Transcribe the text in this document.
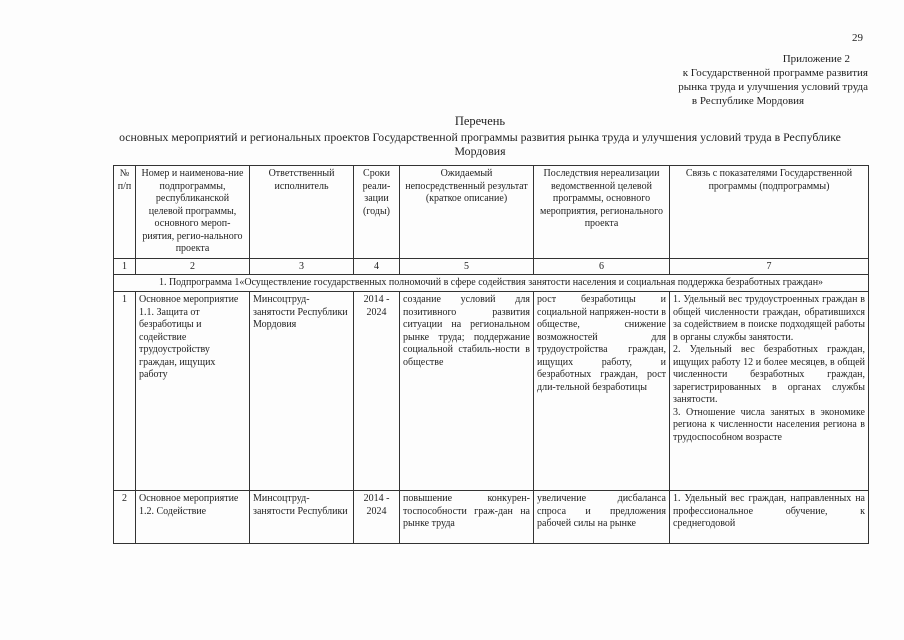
29
Приложение 2
к Государственной программе развития
рынка труда и улучшения условий труда
в Республике Мордовия
Перечень
основных мероприятий и региональных проектов Государственной программы развития рынка труда и улучшения условий труда в Республике Мордовия
№ п/п	Номер и наименова-ние подпрограммы, республиканской целевой программы, основного мероп-риятия, регио-нального проекта	Ответственный исполнитель	Сроки реали-зации (годы)	Ожидаемый непосредственный результат (краткое описание)	Последствия нереализации ведомственной целевой программы, основного мероприятия, регионального проекта	Связь с показателями Государственной программы (подпрограммы)
1	2	3	4	5	6	7
1. Подпрограмма 1«Осуществление государственных полномочий в сфере содействия занятости населения и социальная поддержка безработных граждан»						
1	Основное мероприятие 1.1. Защита от безработицы и содействие трудоустройству граждан, ищущих работу	Минсоцтруд-занятости Республики Мордовия	2014 - 2024	создание условий для позитивного развития ситуации на региональном рынке труда; поддержание социальной стабиль-ности в обществе	рост безработицы и социальной напряжен-ности в обществе, снижение возможностей для трудоустройства граждан, ищущих работу, и безработных граждан, рост дли-тельной безработицы	1. Удельный вес трудоустроенных граждан в общей численности граждан, обратившихся за содействием в поиске подходящей работы в органы службы занятости.

2. Удельный вес безработных граждан, ищущих работу 12 и более месяцев, в общей численности безработных граждан, зарегистрированных в органах службы занятости.

3. Отношение числа занятых в экономике региона к численности населения региона в трудоспособном возрасте

2	Основное мероприятие 1.2. Содействие	Минсоцтруд-занятости Республики	2014 - 2024	повышение конкурен-тоспособности граж-дан на рынке труда	увеличение дисбаланса спроса и предложения рабочей силы на рынке	1. Удельный вес граждан, направленных на профессиональное обучение, к среднегодовой
